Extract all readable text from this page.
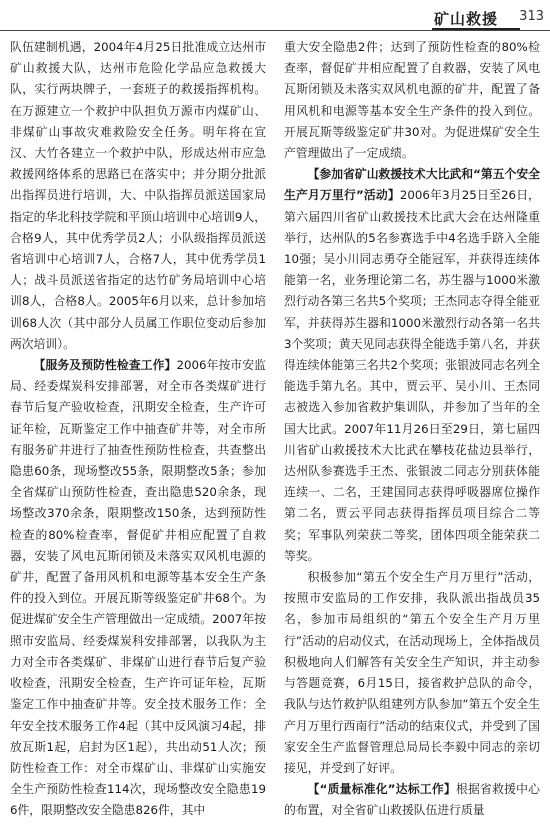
矿山救援 313

队伍建制机遇，2004年4月25日批准成立达州市矿山救援大队，达州市危险化学品应急救援大队，实行两块牌子，一套班子的救援指挥机构。在万源建立一个救护中队担负万源市内煤矿山、非煤矿山事故灾难救险安全任务。明年将在宣汉、大竹各建立一个救护中队，形成达州市应急救援网络体系的思路已在落实中；并分期分批派出指挥员进行培训，大、中队指挥员派送国家局指定的华北科技学院和平顶山培训中心培训9人，合格9人，其中优秀学员2人；小队级指挥员派送省培训中心培训7人，合格7人，其中优秀学员1人；战斗员派送省指定的达竹矿务局培训中心培训8人，合格8人。2005年6月以来，总计参加培训68人次（其中部分人员属工作职位变动后参加两次培训）。

【服务及预防性检查工作】2006年按市安监局、经委煤炭科安排部署，对全市各类煤矿进行春节后复产验收检查，汛期安全检查，生产许可证年检，瓦斯鉴定工作中抽查矿井等，对全市所有服务矿井进行了抽查性预防性检查，共查整出隐患60条，现场整改55条，限期整改5条；参加全省煤矿山预防性检查，查出隐患520余条，现场整改370余条，限期整改150条，达到预防性检查的80%检查率，督促矿井相应配置了自救器，安装了风电瓦斯闭锁及未落实双风机电源的矿井，配置了备用风机和电源等基本安全生产条件的投入到位。开展瓦斯等级鉴定矿井68个。为促进煤矿安全生产管理做出一定成绩。2007年按照市安监局、经委煤炭科安排部署，以我队为主力对全市各类煤矿、非煤矿山进行春节后复产验收检查，汛期安全检查，生产许可证年检，瓦斯鉴定工作中抽查矿井等。安全技术服务工作：全年安全技术服务工作4起（其中反风演习4起，排放瓦斯1起，启封为区1起），共出动51人次；预防性检查工作：对全市煤矿山、非煤矿山实施安全生产预防性检查114次，现场整改安全隐患196件，限期整改安全隐患826件，其中

重大安全隐患2件；达到了预防性检查的80%检查率，督促矿井相应配置了自救器，安装了风电瓦斯闭锁及未落实双风机电源的矿井，配置了备用风机和电源等基本安全生产条件的投入到位。开展瓦斯等级鉴定矿井30对。为促进煤矿安全生产管理做出了一定成绩。

【参加省矿山救援技术大比武和“第五个安全生产月万里行”活动】2006年3月25日至26日，第六届四川省矿山救援技术比武大会在达州隆重举行，达州队的5名参赛选手中4名选手跻入全能10强；吴小川同志勇夺全能冠军，并获得连续体能第一名，业务理论第二名，苏生器与1000米激烈行动各第三名共5个奖项；王杰同志夺得全能亚军，并获得苏生器和1000米激烈行动各第一名共3个奖项；黄天见同志获得全能选手第八名，并获得连续体能第三名共2个奖项；张银波同志名列全能选手第九名。其中，贾云平、吴小川、王杰同志被选入参加省救护集训队，并参加了当年的全国大比武。2007年11月26日至29日，第七届四川省矿山救援技术大比武在攀枝花盐边县举行，达州队参赛选手王杰、张银波二同志分别获体能连续一、二名，王建国同志获得呼吸器席位操作第二名，贾云平同志获得指挥员项目综合二等奖；军事队列荣获二等奖，团体四项全能荣获二等奖。

积极参加“第五个安全生产月万里行”活动，按照市安监局的工作安排，我队派出指战员35名，参加市局组织的“第五个安全生产月万里行”活动的启动仪式，在活动现场上，全体指战员积极地向人们解答有关安全生产知识，并主动参与答题竞赛，6月15日，接省救护总队的命令，我队与达竹救护队组建列方队参加“第五个安全生产月万里行西南行”活动的结束仪式，并受到了国家安全生产监督管理总局局长李毅中同志的亲切接见，并受到了好评。

【“质量标准化”达标工作】根据省救援中心的布置，对全省矿山救援队伍进行质量
